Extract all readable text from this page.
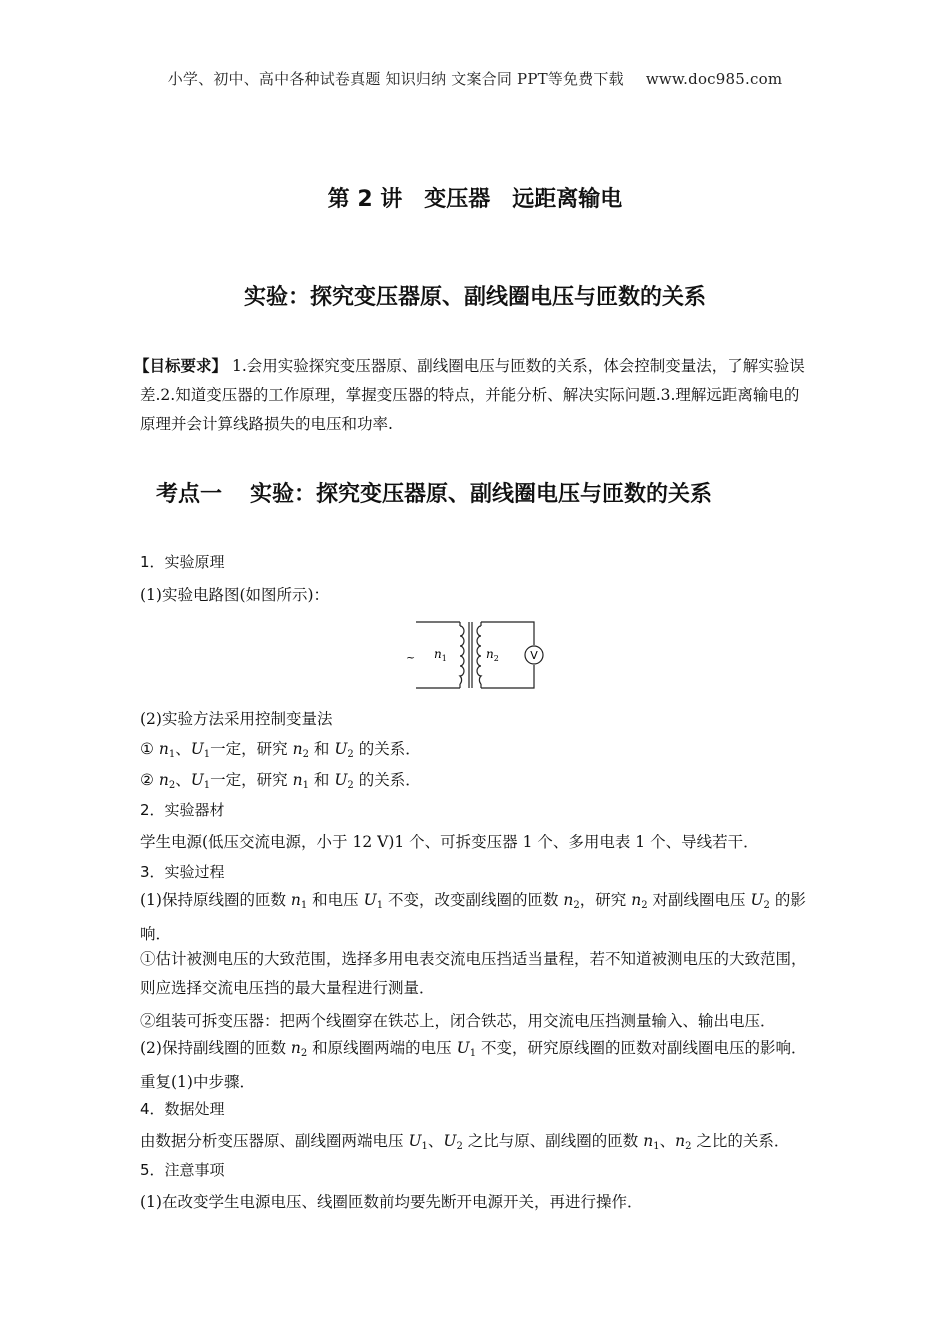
小学、初中、高中各种试卷真题 知识归纳 文案合同 PPT等免费下载 www.doc985.com
第 2 讲　变压器　远距离输电
实验：探究变压器原、副线圈电压与匝数的关系
【目标要求】 1.会用实验探究变压器原、副线圈电压与匝数的关系，体会控制变量法，了解实验误差.2.知道变压器的工作原理，掌握变压器的特点，并能分析、解决实际问题.3.理解远距离输电的原理并会计算线路损失的电压和功率.
考点一 实验：探究变压器原、副线圈电压与匝数的关系
1．实验原理
(1)实验电路图(如图所示)：
~ $n_1$	$n_2$	V
(2)实验方法采用控制变量法
① $n_1$、$U_1$一定，研究 $n_2$ 和 $U_2$ 的关系．
② $n_2$、$U_1$一定，研究 $n_1$ 和 $U_2$ 的关系．
2．实验器材
学生电源(低压交流电源，小于 12 V)1 个、可拆变压器 1 个、多用电表 1 个、导线若干．
3．实验过程
(1)保持原线圈的匝数 $n_1$ 和电压 $U_1$ 不变，改变副线圈的匝数 $n_2$，研究 $n_2$ 对副线圈电压 $U_2$ 的影响．
①估计被测电压的大致范围，选择多用电表交流电压挡适当量程，若不知道被测电压的大致范围，则应选择交流电压挡的最大量程进行测量．
②组装可拆变压器：把两个线圈穿在铁芯上，闭合铁芯，用交流电压挡测量输入、输出电压．
(2)保持副线圈的匝数 $n_2$ 和原线圈两端的电压 $U_1$ 不变，研究原线圈的匝数对副线圈电压的影响．重复(1)中步骤．
4．数据处理
由数据分析变压器原、副线圈两端电压 $U_1$、$U_2$ 之比与原、副线圈的匝数 $n_1$、$n_2$ 之比的关系．
5．注意事项
(1)在改变学生电源电压、线圈匝数前均要先断开电源开关，再进行操作．
